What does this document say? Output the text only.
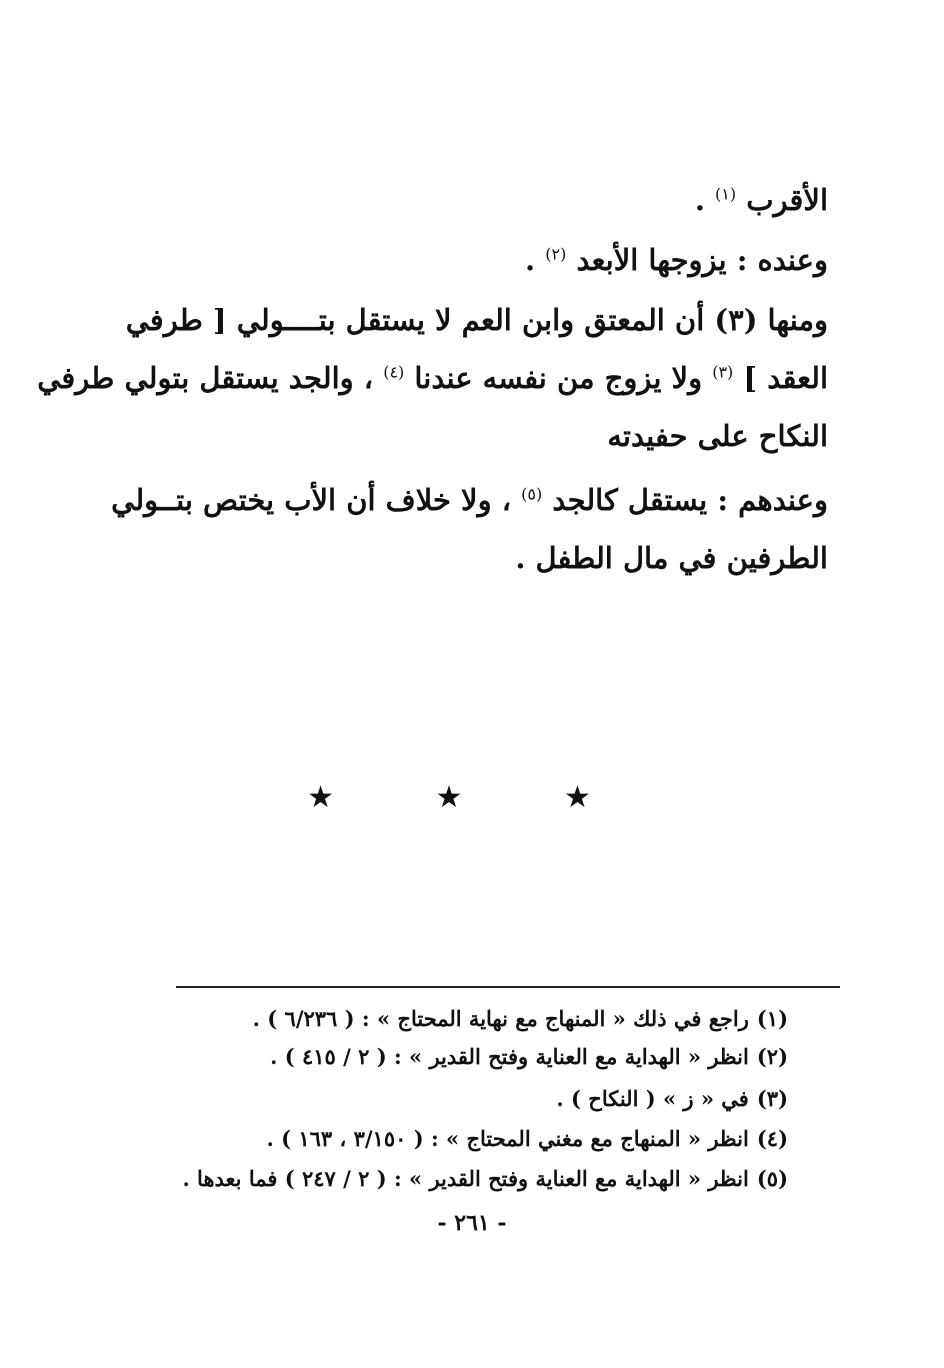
الأقرب $^{(١)}$ .

وعنده : يزوجها الأبعد $^{(٢)}$ .

ومنها (٣) أن المعتق وابن العم لا يستقل بتــــولي [ طرفي

العقد ] $^{(٣)}$ ولا يزوج من نفسه عندنا $^{(٤)}$ ، والجد يستقل بتولي طرفي

النكاح على حفيدته

وعندهم : يستقل كالجد $^{(٥)}$ ، ولا خلاف أن الأب يختص بتــولي

الطرفين في مال الطفل .

★ ★ ★

(١)راجع في ذلك « المنهاج مع نهاية المحتاج » : ( ٦/٢٣٦ ) .

(٢)انظر « الهداية مع العناية وفتح القدير » : ( ٢ / ٤١٥ ) .

(٣)في « ز » ( النكاح ) .

(٤)انظر « المنهاج مع مغني المحتاج » : ( ٣/١٥٠ ، ١٦٣ ) .

(٥)انظر « الهداية مع العناية وفتح القدير » : ( ٢ / ٢٤٧ ) فما بعدها .

- ٢٦١ -
